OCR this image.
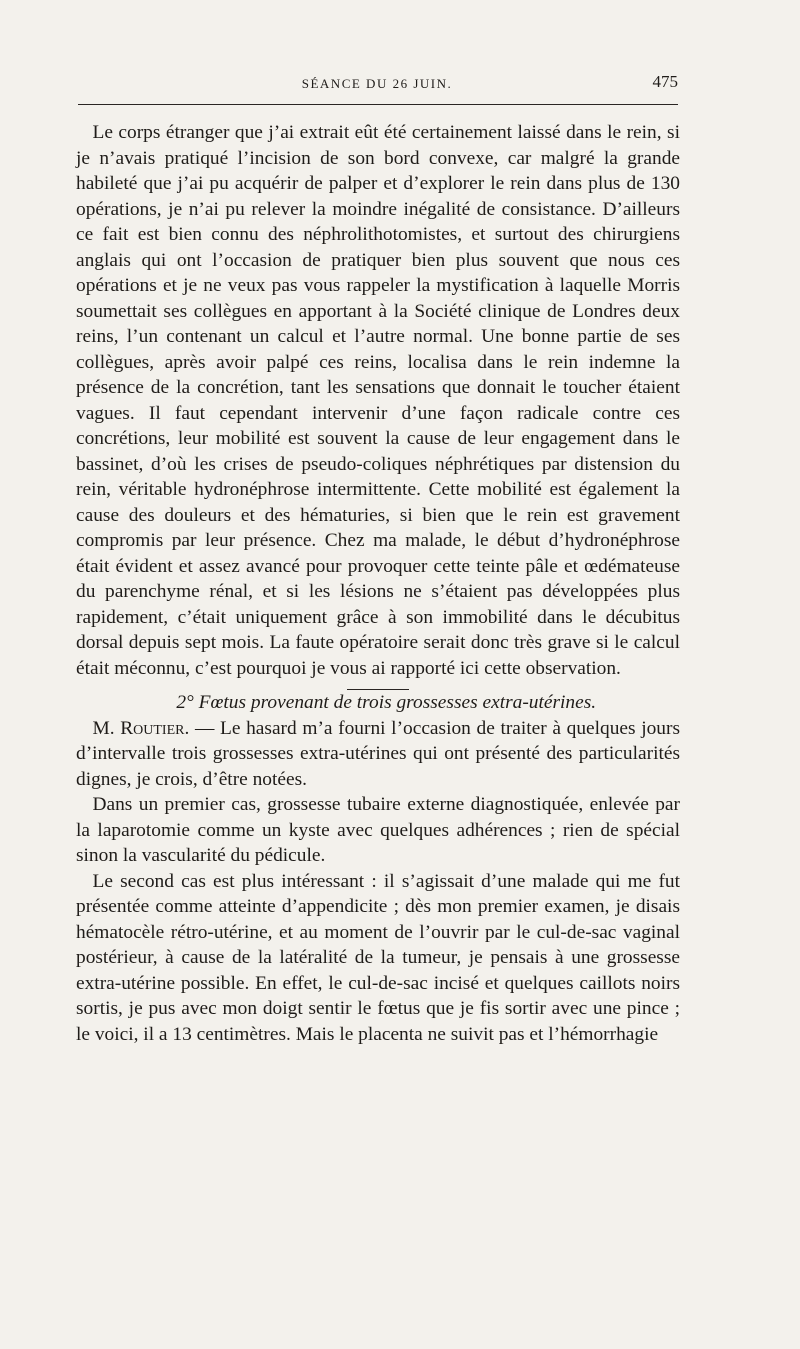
SÉANCE DU 26 JUIN.	475

Le corps étranger que j’ai extrait eût été certainement laissé dans le rein, si je n’avais pratiqué l’incision de son bord convexe, car malgré la grande habileté que j’ai pu acquérir de palper et d’explorer le rein dans plus de 130 opérations, je n’ai pu relever la moindre inégalité de consistance. D’ailleurs ce fait est bien connu des néphrolithotomistes, et surtout des chirurgiens anglais qui ont l’occasion de pratiquer bien plus souvent que nous ces opérations et je ne veux pas vous rappeler la mystification à laquelle Morris soumettait ses collègues en apportant à la Société clinique de Londres deux reins, l’un contenant un calcul et l’autre normal. Une bonne partie de ses collègues, après avoir palpé ces reins, localisa dans le rein indemne la présence de la concrétion, tant les sensations que donnait le toucher étaient vagues. Il faut cependant intervenir d’une façon radicale contre ces concrétions, leur mobilité est souvent la cause de leur engagement dans le bassinet, d’où les crises de pseudo-coliques néphrétiques par distension du rein, véritable hydronéphrose intermittente. Cette mobilité est également la cause des douleurs et des hématuries, si bien que le rein est gravement compromis par leur présence. Chez ma malade, le début d’hydronéphrose était évident et assez avancé pour provoquer cette teinte pâle et œdémateuse du parenchyme rénal, et si les lésions ne s’étaient pas développées plus rapidement, c’était uniquement grâce à son immobilité dans le décubitus dorsal depuis sept mois. La faute opératoire serait donc très grave si le calcul était méconnu, c’est pourquoi je vous ai rapporté ici cette observation.

2° Fœtus provenant de trois grossesses extra-utérines.

M. Routier. — Le hasard m’a fourni l’occasion de traiter à quelques jours d’intervalle trois grossesses extra-utérines qui ont présenté des particularités dignes, je crois, d’être notées.

Dans un premier cas, grossesse tubaire externe diagnostiquée, enlevée par la laparotomie comme un kyste avec quelques adhérences ; rien de spécial sinon la vascularité du pédicule.

Le second cas est plus intéressant : il s’agissait d’une malade qui me fut présentée comme atteinte d’appendicite ; dès mon premier examen, je disais hématocèle rétro-utérine, et au moment de l’ouvrir par le cul-de-sac vaginal postérieur, à cause de la latéralité de la tumeur, je pensais à une grossesse extra-utérine possible. En effet, le cul-de-sac incisé et quelques caillots noirs sortis, je pus avec mon doigt sentir le fœtus que je fis sortir avec une pince ; le voici, il a 13 centimètres. Mais le placenta ne suivit pas et l’hémorrhagie
